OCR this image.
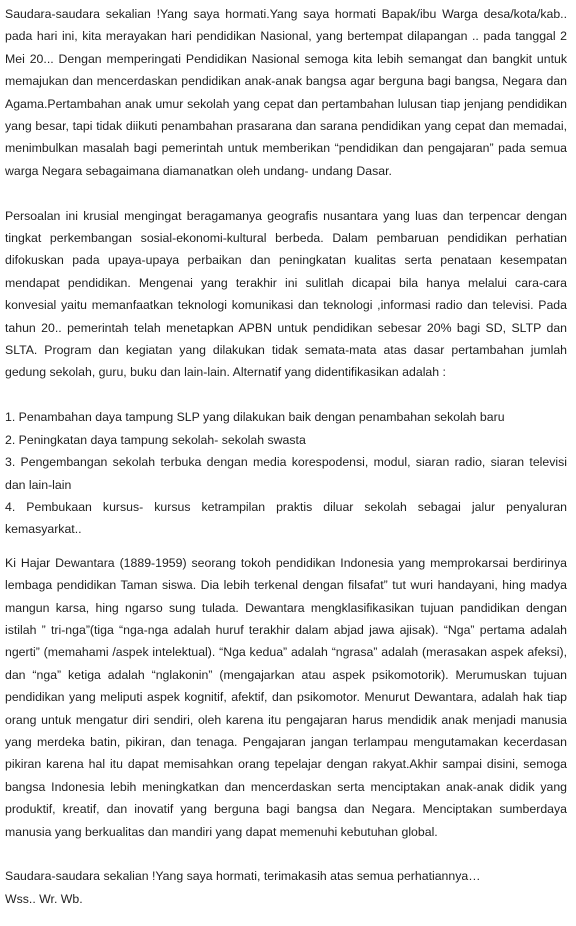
Saudara-saudara sekalian !Yang saya hormati.Yang saya hormati Bapak/ibu Warga desa/kota/kab.. pada hari ini, kita merayakan hari pendidikan Nasional, yang bertempat dilapangan .. pada tanggal 2 Mei 20... Dengan memperingati Pendidikan Nasional semoga kita lebih semangat dan bangkit untuk memajukan dan mencerdaskan pendidikan anak-anak bangsa agar berguna bagi bangsa, Negara dan Agama.Pertambahan anak umur sekolah yang cepat dan pertambahan lulusan tiap jenjang pendidikan yang besar, tapi tidak diikuti penambahan prasarana dan sarana pendidikan yang cepat dan memadai, menimbulkan masalah bagi pemerintah untuk memberikan “pendidikan dan pengajaran” pada semua warga Negara sebagaimana diamanatkan oleh undang- undang Dasar.

Persoalan ini krusial mengingat beragamanya geografis nusantara yang luas dan terpencar dengan tingkat perkembangan sosial-ekonomi-kultural berbeda. Dalam pembaruan pendidikan perhatian difokuskan pada upaya-upaya perbaikan dan peningkatan kualitas serta penataan kesempatan mendapat pendidikan. Mengenai yang terakhir ini sulitlah dicapai bila hanya melalui cara-cara konvesial yaitu memanfaatkan teknologi komunikasi dan teknologi ,informasi radio dan televisi. Pada tahun 20.. pemerintah telah menetapkan APBN untuk pendidikan sebesar 20% bagi SD, SLTP dan SLTA. Program dan kegiatan yang dilakukan tidak semata-mata atas dasar pertambahan jumlah gedung sekolah, guru, buku dan lain-lain. Alternatif yang didentifikasikan adalah :

1. Penambahan daya tampung SLP yang dilakukan baik dengan penambahan sekolah baru
2. Peningkatan daya tampung sekolah- sekolah swasta
3. Pengembangan sekolah terbuka dengan media korespodensi, modul, siaran radio, siaran televisi dan lain-lain
4. Pembukaan kursus- kursus ketrampilan praktis diluar sekolah sebagai jalur penyaluran kemasyarkat..

Ki Hajar Dewantara (1889-1959) seorang tokoh pendidikan Indonesia yang memprokarsai berdirinya lembaga pendidikan Taman siswa. Dia lebih terkenal dengan filsafat” tut wuri handayani, hing madya mangun karsa, hing ngarso sung tulada. Dewantara mengklasifikasikan tujuan pandidikan dengan istilah ” tri-nga”(tiga “nga-nga adalah huruf terakhir dalam abjad jawa ajisak). “Nga” pertama adalah ngerti” (memahami /aspek intelektual). “Nga kedua” adalah “ngrasa” adalah (merasakan aspek afeksi), dan “nga” ketiga adalah “nglakonin” (mengajarkan atau aspek psikomotorik). Merumuskan tujuan pendidikan yang meliputi aspek kognitif, afektif, dan psikomotor. Menurut Dewantara, adalah hak tiap orang untuk mengatur diri sendiri, oleh karena itu pengajaran harus mendidik anak menjadi manusia yang merdeka batin, pikiran, dan tenaga. Pengajaran jangan terlampau mengutamakan kecerdasan pikiran karena hal itu dapat memisahkan orang tepelajar dengan rakyat.Akhir sampai disini, semoga bangsa Indonesia lebih meningkatkan dan mencerdaskan serta menciptakan anak-anak didik yang produktif, kreatif, dan inovatif yang berguna bagi bangsa dan Negara. Menciptakan sumberdaya manusia yang berkualitas dan mandiri yang dapat memenuhi kebutuhan global.

Saudara-saudara sekalian !Yang saya hormati, terimakasih atas semua perhatiannya…

Wss.. Wr. Wb.
